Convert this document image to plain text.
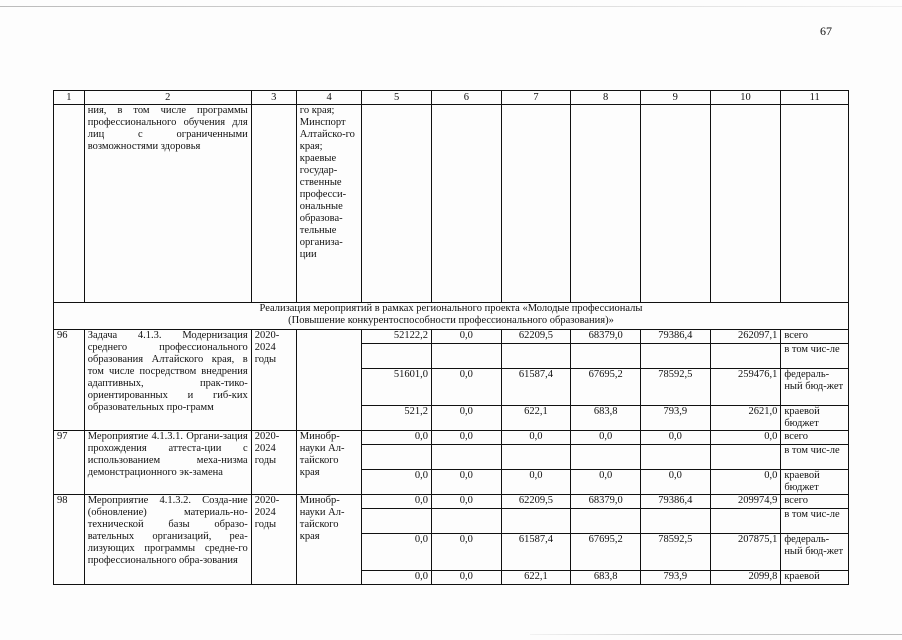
67
1	2	3	4	5	6	7	8	9	10	11
	ния, в том числе программы профессионального обучения для лиц с ограниченными возможностями здоровья		го края; Минспорт Алтайско-го края; краевые государ-ственные професси-ональные образова-тельные организа-ции							

Реализация мероприятий в рамках регионального проекта «Молодые профессионалы
(Повышение конкурентоспособности профессионального образования)»										

96	Задача 4.1.3. Модернизация среднего профессионального образования Алтайского края, в том числе посредством внедрения адаптивных, прак-тико-ориентированных и гиб-ких образовательных про-грамм	2020-2024 годы		52122,2	0,0	62209,5	68379,0	79386,4	262097,1	всего
										в том чис-ле
				51601,0	0,0	61587,4	67695,2	78592,5	259476,1	федераль-ный бюд-жет
				521,2	0,0	622,1	683,8	793,9	2621,0	краевой бюджет
97	Мероприятие 4.1.3.1. Органи-зация прохождения аттеста-ции с использованием меха-низма демонстрационного эк-замена	2020-2024 годы	Минобр-науки Ал-тайского края	0,0	0,0	0,0	0,0	0,0	0,0	всего
										в том чис-ле
				0,0	0,0	0,0	0,0	0,0	0,0	краевой бюджет
98	Мероприятие 4.1.3.2. Созда-ние (обновление) материаль-но-технической базы образо-вательных организаций, реа-лизующих программы средне-го профессионального обра-зования	2020-2024 годы	Минобр-науки Ал-тайского края	0,0	0,0	62209,5	68379,0	79386,4	209974,9	всего
										в том чис-ле
				0,0	0,0	61587,4	67695,2	78592,5	207875,1	федераль-ный бюд-жет
				0,0	0,0	622,1	683,8	793,9	2099,8	краевой
